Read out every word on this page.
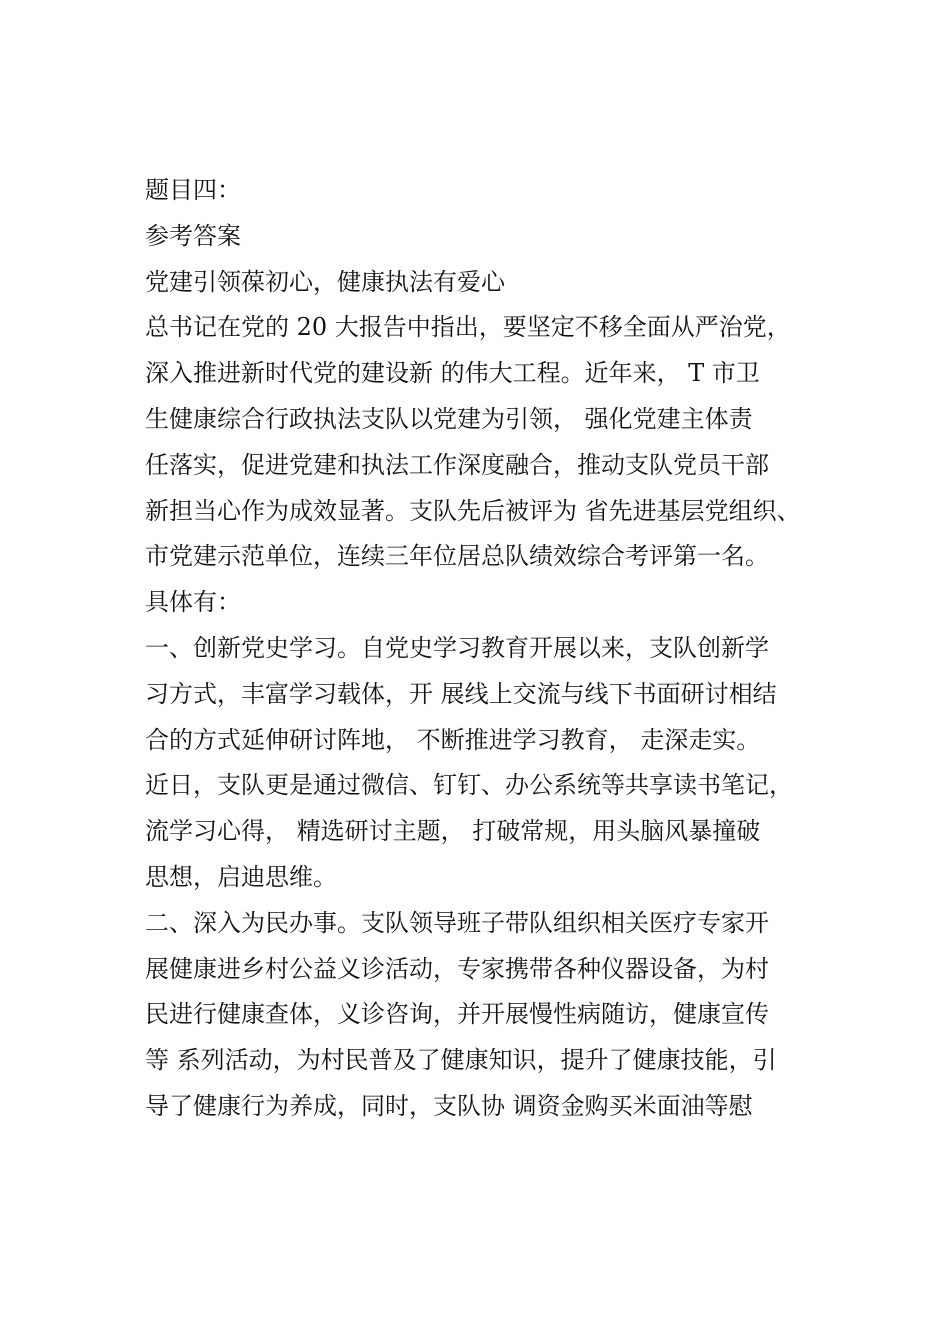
题目四：
参考答案
党建引领葆初心，健康执法有爱心
总书记在党的 20 大报告中指出，要坚定不移全面从严治党，
深入推进新时代党的建设新 的伟大工程。近年来， T 市卫
生健康综合行政执法支队以党建为引领， 强化党建主体责
任落实，促进党建和执法工作深度融合，推动支队党员干部
新担当心作为成效显著。支队先后被评为 省先进基层党组织、
市党建示范单位，连续三年位居总队绩效综合考评第一名。
具体有：
一、创新党史学习。自党史学习教育开展以来，支队创新学
习方式，丰富学习载体，开 展线上交流与线下书面研讨相结
合的方式延伸研讨阵地， 不断推进学习教育， 走深走实。
近日，支队更是通过微信、钉钉、办公系统等共享读书笔记，
流学习心得， 精选研讨主题， 打破常规，用头脑风暴撞破
思想，启迪思维。
二、深入为民办事。支队领导班子带队组织相关医疗专家开
展健康进乡村公益义诊活动，专家携带各种仪器设备，为村
民进行健康查体，义诊咨询，并开展慢性病随访，健康宣传
等 系列活动，为村民普及了健康知识，提升了健康技能，引
导了健康行为养成，同时，支队协 调资金购买米面油等慰
